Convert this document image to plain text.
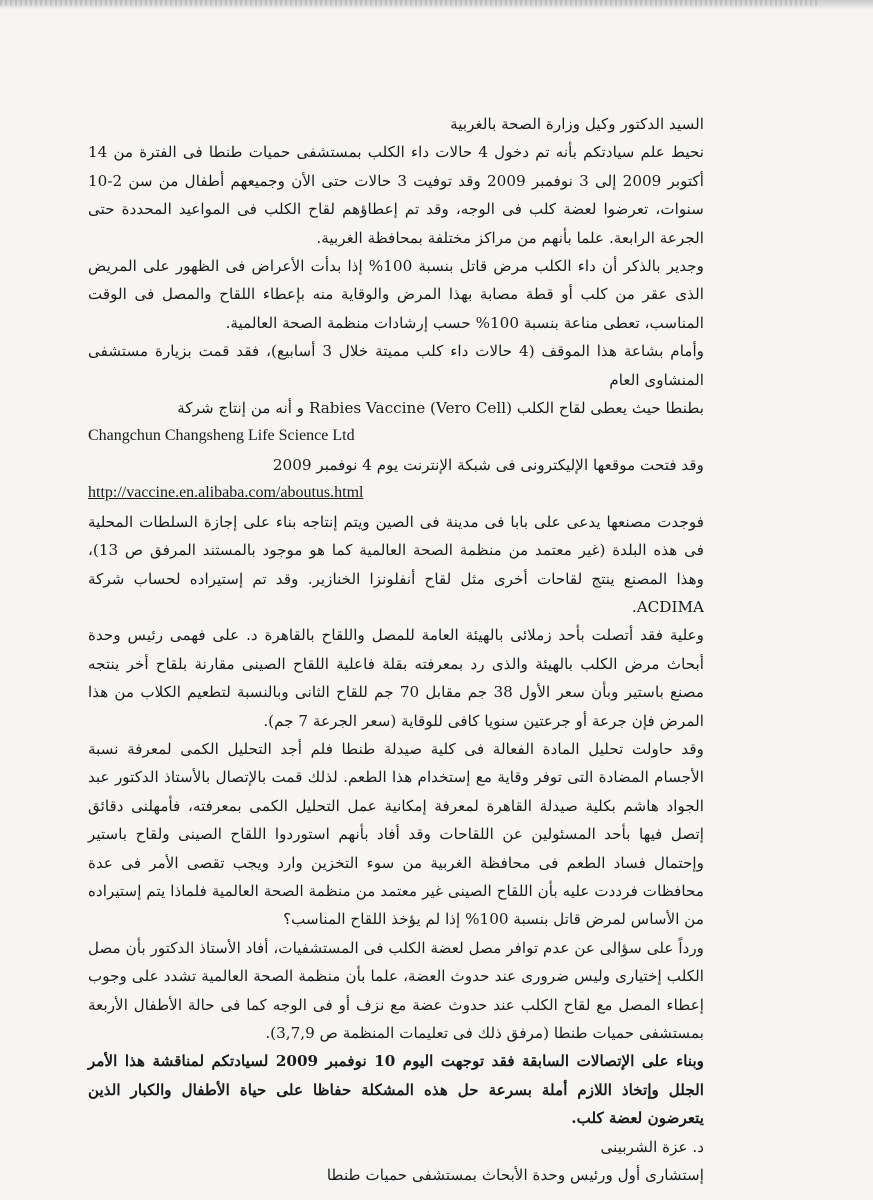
السيد الدكتور وكيل وزارة الصحة بالغربية

نحيط علم سيادتكم بأنه تم دخول 4 حالات داء الكلب بمستشفى حميات طنطا فى الفترة من 14 أكتوبر 2009 إلى 3 نوفمبر 2009 وقد توفيت 3 حالات حتى الأن وجميعهم أطفال من سن 2-10 سنوات، تعرضوا لعضة كلب فى الوجه، وقد تم إعطاؤهم لقاح الكلب فى المواعيد المحددة حتى الجرعة الرابعة. علما بأنهم من مراكز مختلفة بمحافظة الغربية.

وجدير بالذكر أن داء الكلب مرض قاتل بنسبة 100% إذا بدأت الأعراض فى الظهور على المريض الذى عقر من كلب أو قطة مصابة بهذا المرض والوقاية منه بإعطاء اللقاح والمصل فى الوقت المناسب، تعطى مناعة بنسبة 100% حسب إرشادات منظمة الصحة العالمية.

وأمام بشاعة هذا الموقف (4 حالات داء كلب مميتة خلال 3 أسابيع)، فقد قمت بزيارة مستشفى المنشاوى العام
بطنطا حيث يعطى لقاح الكلب (Rabies Vaccine (Vero Cell و أنه من إنتاج شركة

Changchun Changsheng Life Science Ltd

وقد فتحت موقعها الإليكترونى فى شبكة الإنترنت يوم 4 نوفمبر 2009

http://vaccine.en.alibaba.com/aboutus.html

فوجدت مصنعها يدعى على بابا فى مدينة فى الصين ويتم إنتاجه بناء على إجازة السلطات المحلية فى هذه البلدة (غير معتمد من منظمة الصحة العالمية كما هو موجود بالمستند المرفق ص 13)، وهذا المصنع ينتج لقاحات أخرى مثل لقاح أنفلونزا الخنازير. وقد تم إستيراده لحساب شركة ACDIMA.

وعلية فقد أتصلت بأحد زملائى بالهيئة العامة للمصل واللقاح بالقاهرة د. على فهمى رئيس وحدة أبحاث مرض الكلب بالهيئة والذى رد بمعرفته بقلة فاعلية اللقاح الصينى مقارنة بلقاح أخر ينتجه مصنع باستير وبأن سعر الأول 38 جم مقابل 70 جم للقاح الثانى وبالنسبة لتطعيم الكلاب من هذا المرض فإن جرعة أو جرعتين سنويا كافى للوقاية (سعر الجرعة 7 جم).

وقد حاولت تحليل المادة الفعالة فى كلية صيدلة طنطا فلم أجد التحليل الكمى لمعرفة نسبة الأجسام المضادة التى توفر وقاية مع إستخدام هذا الطعم. لذلك قمت بالإتصال بالأستاذ الدكتور عبد الجواد هاشم بكلية صيدلة القاهرة لمعرفة إمكانية عمل التحليل الكمى بمعرفته، فأمهلنى دقائق إتصل فيها بأحد المسئولين عن اللقاحات وقد أفاد بأنهم استوردوا اللقاح الصينى ولقاح باستير وإحتمال فساد الطعم فى محافظة الغربية من سوء التخزين وارد ويجب تقصى الأمر فى عدة محافظات فرددت عليه بأن اللقاح الصينى غير معتمد من منظمة الصحة العالمية فلماذا يتم إستيراده من الأساس لمرض قاتل بنسبة 100% إذا لم يؤخذ اللقاح المناسب؟

ورداً على سؤالى عن عدم توافر مصل لعضة الكلب فى المستشفيات، أفاد الأستاذ الدكتور بأن مصل الكلب إختيارى وليس ضرورى عند حدوث العضة، علما بأن منظمة الصحة العالمية تشدد على وجوب إعطاء المصل مع لقاح الكلب عند حدوث عضة مع نزف أو فى الوجه كما فى حالة الأطفال الأربعة بمستشفى حميات طنطا (مرفق ذلك فى تعليمات المنظمة ص 3,7,9).

وبناء على الإتصالات السابقة فقد توجهت اليوم 10 نوفمبر 2009 لسيادتكم لمناقشة هذا الأمر الجلل وإتخاذ اللازم أملة بسرعة حل هذه المشكلة حفاظا على حياة الأطفال والكبار الذين يتعرضون لعضة كلب.

د. عزة الشربينى

إستشارى أول ورئيس وحدة الأبحاث بمستشفى حميات طنطا
